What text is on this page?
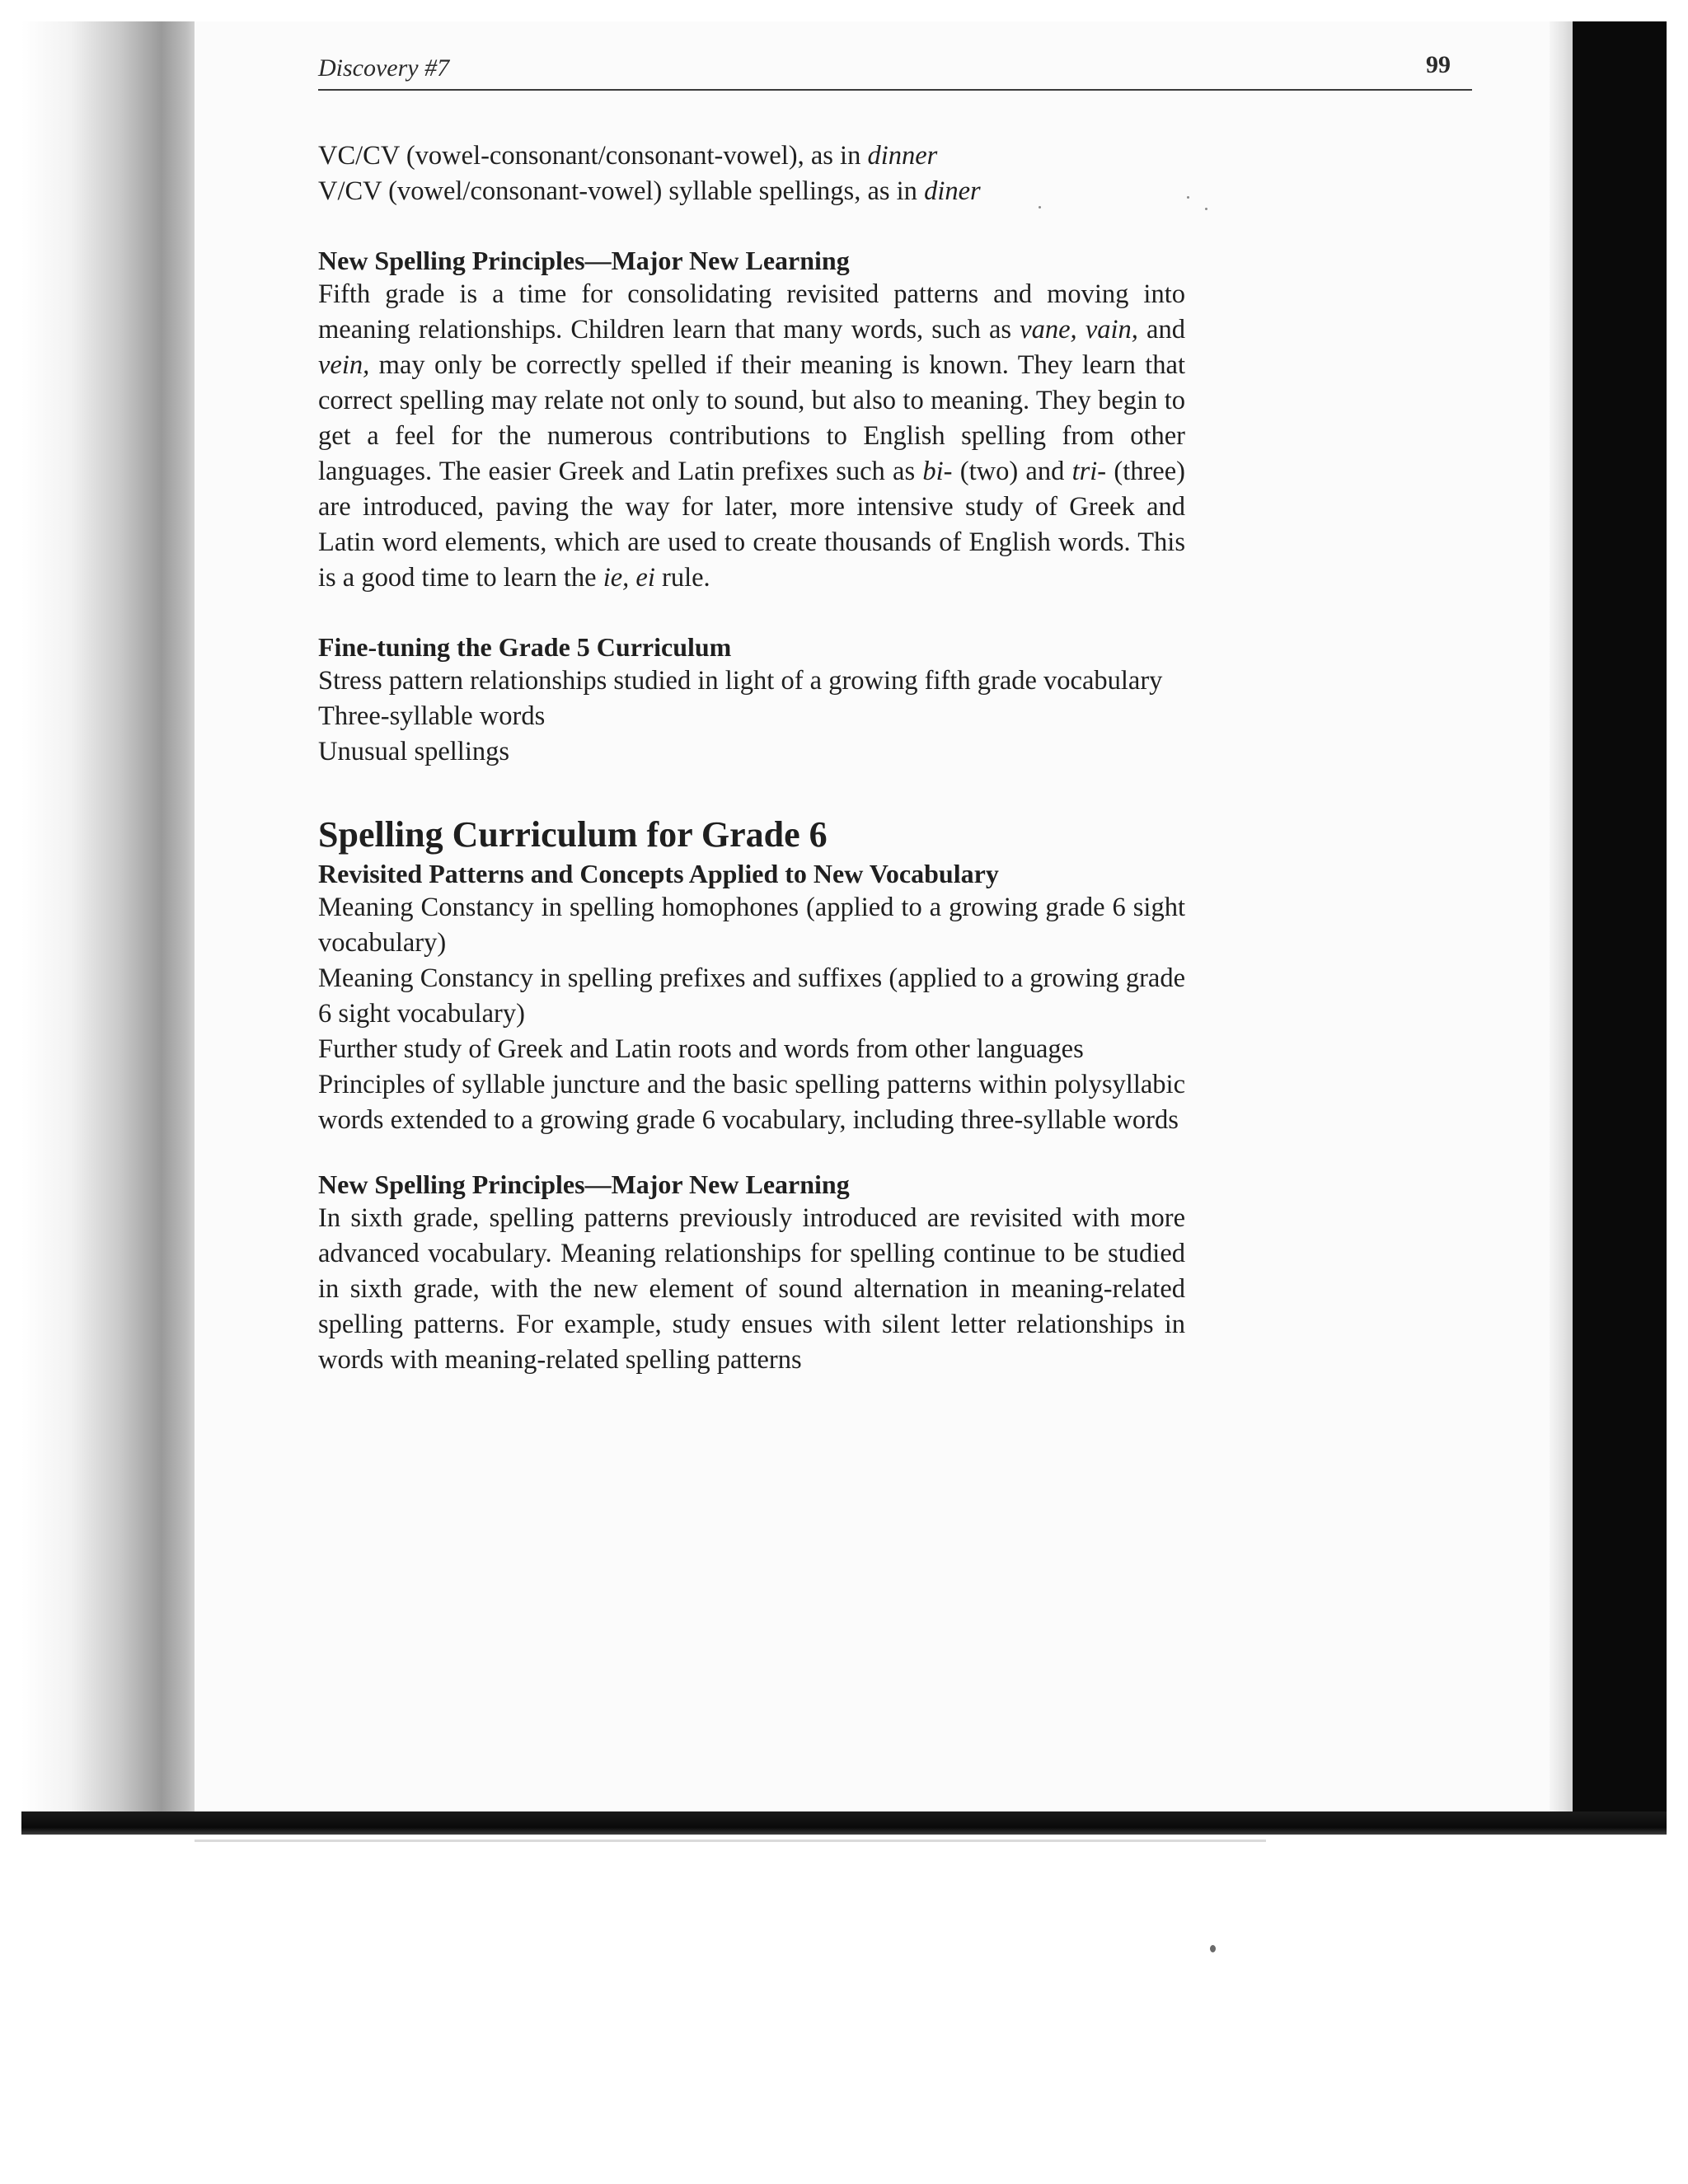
Discovery #7	99

VC/CV (vowel-consonant/consonant-vowel), as in dinner

V/CV (vowel/consonant-vowel) syllable spellings, as in diner

New Spelling Principles—Major New Learning

Fifth grade is a time for consolidating revisited patterns and moving into meaning relationships. Children learn that many words, such as vane, vain, and vein, may only be correctly spelled if their meaning is known. They learn that correct spelling may relate not only to sound, but also to meaning. They begin to get a feel for the numerous contributions to English spelling from other languages. The easier Greek and Latin prefixes such as bi- (two) and tri- (three) are introduced, paving the way for later, more intensive study of Greek and Latin word elements, which are used to create thousands of English words. This is a good time to learn the ie, ei rule.

Fine-tuning the Grade 5 Curriculum

Stress pattern relationships studied in light of a growing fifth grade vocabulary

Three-syllable words

Unusual spellings

Spelling Curriculum for Grade 6

Revisited Patterns and Concepts Applied to New Vocabulary

Meaning Constancy in spelling homophones (applied to a growing grade 6 sight vocabulary)

Meaning Constancy in spelling prefixes and suffixes (applied to a growing grade 6 sight vocabulary)

Further study of Greek and Latin roots and words from other languages

Principles of syllable juncture and the basic spelling patterns within polysyllabic words extended to a growing grade 6 vocabulary, including three-syllable words

New Spelling Principles—Major New Learning

In sixth grade, spelling patterns previously introduced are revisited with more advanced vocabulary. Meaning relationships for spelling continue to be studied in sixth grade, with the new element of sound alternation in meaning-related spelling patterns. For example, study ensues with silent letter relationships in words with meaning-related spelling patterns
